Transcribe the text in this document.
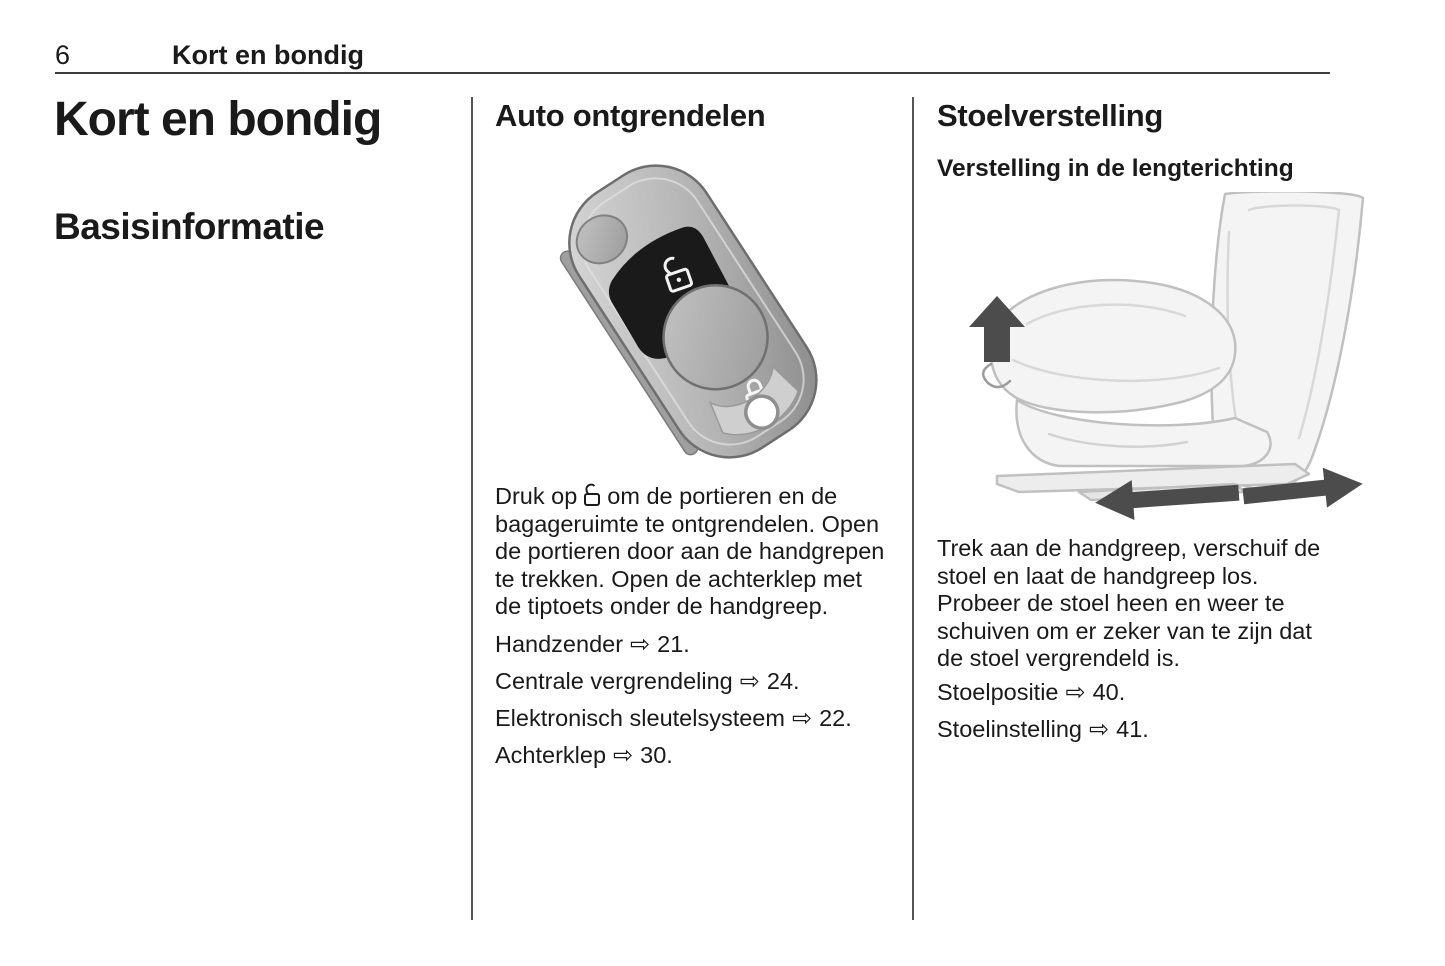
6	Kort en bondig
Kort en bondig
Basisinformatie
Auto ontgrendelen
Druk op om de portieren en de bagageruimte te ontgrendelen. Open de portieren door aan de handgrepen te trekken. Open de achterklep met de tiptoets onder de handgreep.
Handzender ⇨ 21.
Centrale vergrendeling ⇨ 24.
Elektronisch sleutelsysteem ⇨ 22.
Achterklep ⇨ 30.
Stoelverstelling
Verstelling in de lengterichting
Trek aan de handgreep, verschuif de stoel en laat de handgreep los. Probeer de stoel heen en weer te schuiven om er zeker van te zijn dat de stoel vergrendeld is.
Stoelpositie ⇨ 40.
Stoelinstelling ⇨ 41.
